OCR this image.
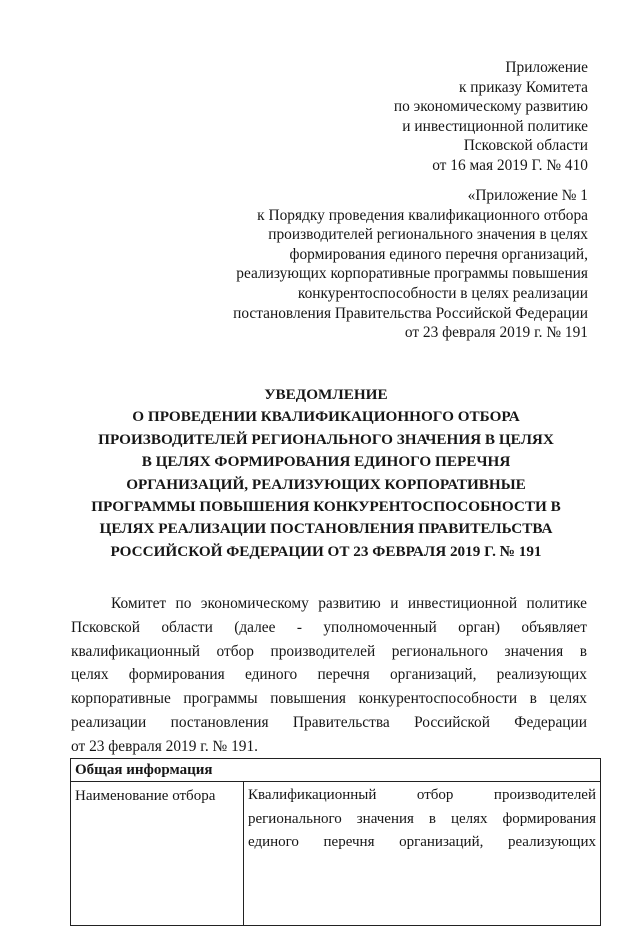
Приложение
к приказу Комитета
по экономическому развитию
и инвестиционной политике
Псковской области
от 16 мая 2019 Г. № 410
«Приложение № 1
к Порядку проведения квалификационного отбора
производителей регионального значения в целях
формирования единого перечня организаций,
реализующих корпоративные программы повышения
конкурентоспособности в целях реализации
постановления Правительства Российской Федерации
от 23 февраля 2019 г. № 191
УВЕДОМЛЕНИЕ
О ПРОВЕДЕНИИ КВАЛИФИКАЦИОННОГО ОТБОРА
ПРОИЗВОДИТЕЛЕЙ РЕГИОНАЛЬНОГО ЗНАЧЕНИЯ В ЦЕЛЯХ
В ЦЕЛЯХ ФОРМИРОВАНИЯ ЕДИНОГО ПЕРЕЧНЯ
ОРГАНИЗАЦИЙ, РЕАЛИЗУЮЩИХ КОРПОРАТИВНЫЕ
ПРОГРАММЫ ПОВЫШЕНИЯ КОНКУРЕНТОСПОСОБНОСТИ В
ЦЕЛЯХ РЕАЛИЗАЦИИ ПОСТАНОВЛЕНИЯ ПРАВИТЕЛЬСТВА
РОССИЙСКОЙ ФЕДЕРАЦИИ ОТ 23 ФЕВРАЛЯ 2019 Г. № 191
Комитет по экономическому развитию и инвестиционной политике
Псковской области (далее - уполномоченный орган) объявляет
квалификационный отбор производителей регионального значения в
целях формирования единого перечня организаций, реализующих
корпоративные программы повышения конкурентоспособности в целях
реализации постановления Правительства Российской Федерации
от 23 февраля 2019 г. № 191.
Общая информация
Наименование отбора	Квалификационный отбор производителей
регионального значения в целях формирования
единого перечня организаций, реализующих
